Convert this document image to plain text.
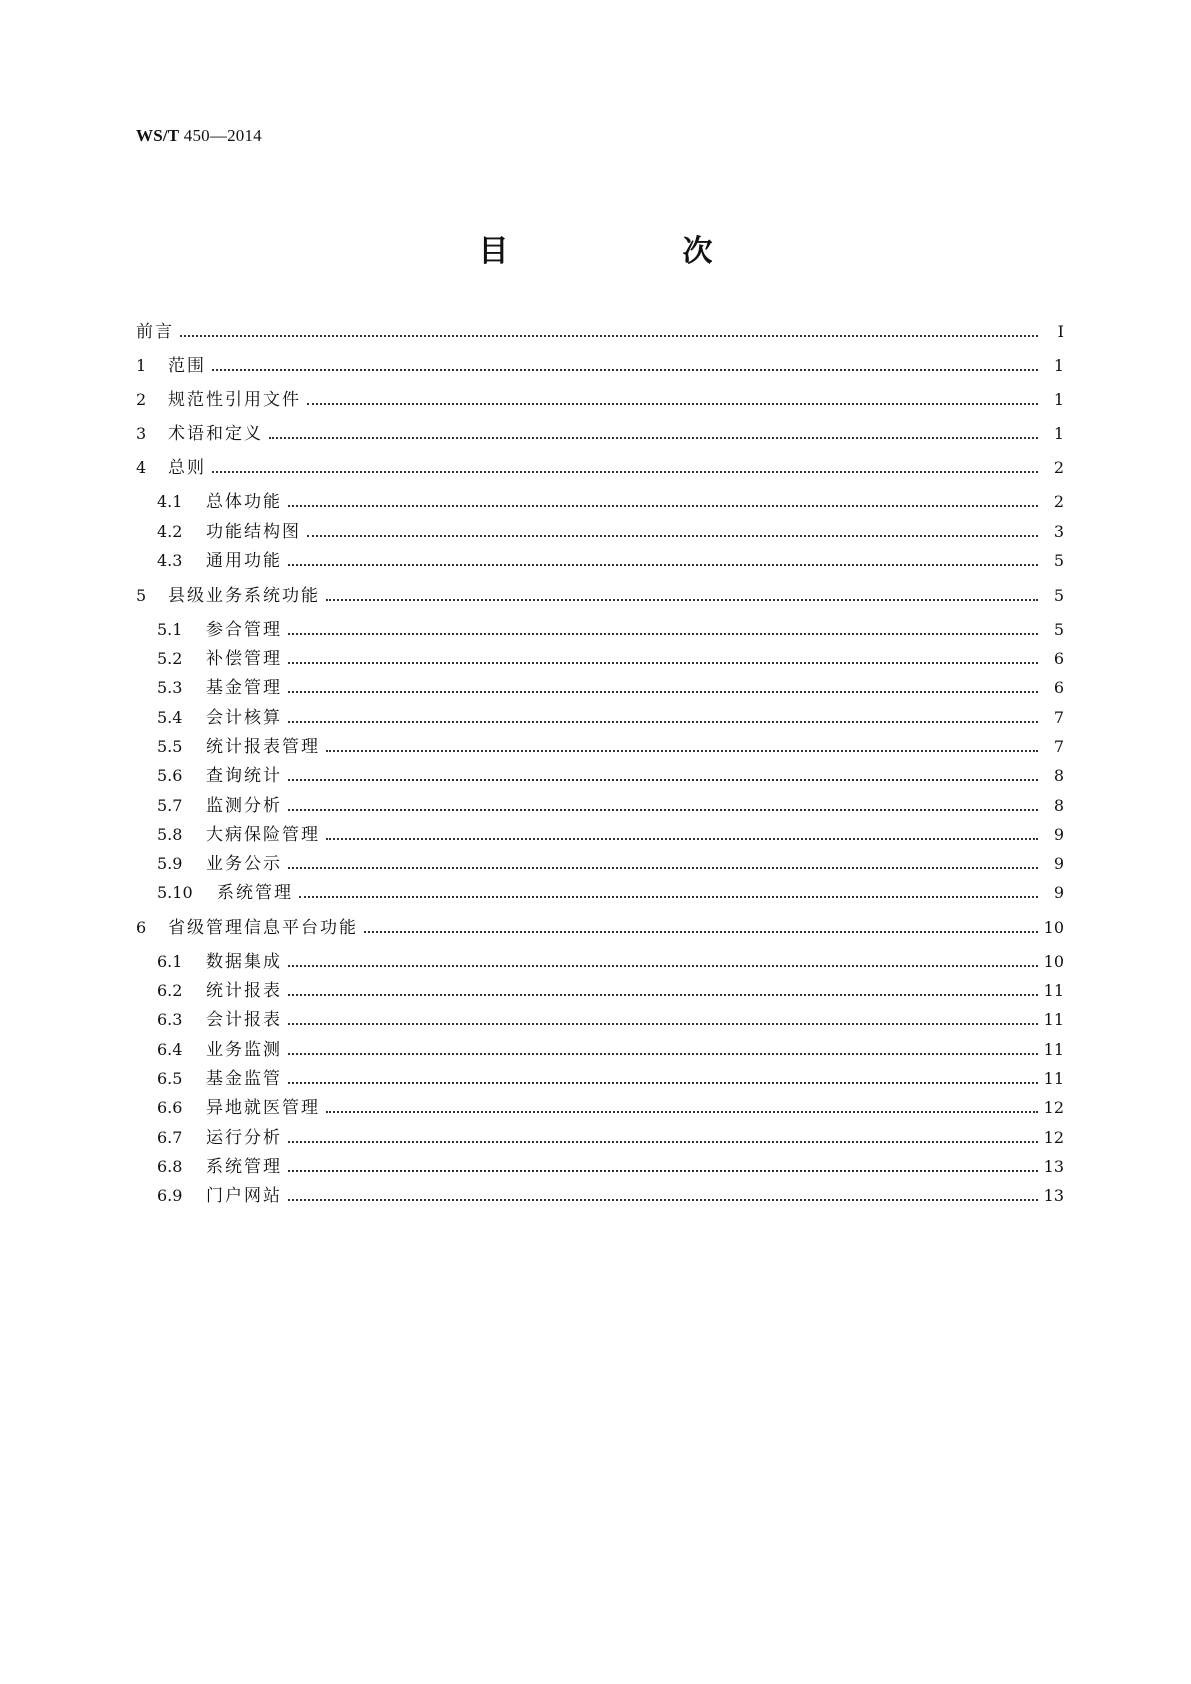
WS/T 450—2014
目　次
前言	Ⅰ
1	范围	1
2	规范性引用文件	1
3	术语和定义	1
4	总则	2
4.1	总体功能	2
4.2	功能结构图	3
4.3	通用功能	5
5	县级业务系统功能	5
5.1	参合管理	5
5.2	补偿管理	6
5.3	基金管理	6
5.4	会计核算	7
5.5	统计报表管理	7
5.6	查询统计	8
5.7	监测分析	8
5.8	大病保险管理	9
5.9	业务公示	9
5.10	系统管理	9
6	省级管理信息平台功能	10
6.1	数据集成	10
6.2	统计报表	11
6.3	会计报表	11
6.4	业务监测	11
6.5	基金监管	11
6.6	异地就医管理	12
6.7	运行分析	12
6.8	系统管理	13
6.9	门户网站	13
